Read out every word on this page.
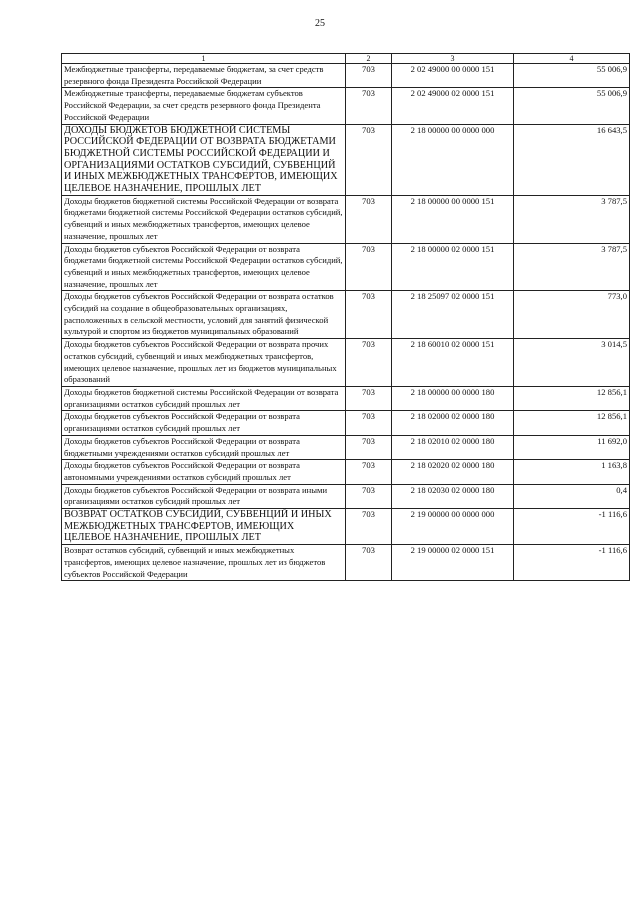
25
1	2	3	4
Межбюджетные трансферты, передаваемые бюджетам, за счет средств резервного фонда Президента Российской Федерации	703	2 02 49000 00 0000 151	55 006,9
Межбюджетные трансферты, передаваемые бюджетам субъектов Российской Федерации, за счет средств резервного фонда Президента Российской Федерации	703	2 02 49000 02 0000 151	55 006,9
ДОХОДЫ БЮДЖЕТОВ БЮДЖЕТНОЙ СИСТЕМЫ РОССИЙСКОЙ ФЕДЕРАЦИИ ОТ ВОЗВРАТА БЮДЖЕТАМИ БЮДЖЕТНОЙ СИСТЕМЫ РОССИЙСКОЙ ФЕДЕРАЦИИ И ОРГАНИЗАЦИЯМИ ОСТАТКОВ СУБСИДИЙ, СУБВЕНЦИЙ И ИНЫХ МЕЖБЮДЖЕТНЫХ ТРАНСФЕРТОВ, ИМЕЮЩИХ ЦЕЛЕВОЕ НАЗНАЧЕНИЕ, ПРОШЛЫХ ЛЕТ	703	2 18 00000 00 0000 000	16 643,5
Доходы бюджетов бюджетной системы Российской Федерации от возврата бюджетами бюджетной системы Российской Федерации остатков субсидий, субвенций и иных межбюджетных трансфертов, имеющих целевое назначение, прошлых лет	703	2 18 00000 00 0000 151	3 787,5
Доходы бюджетов субъектов Российской Федерации от возврата бюджетами бюджетной системы Российской Федерации остатков субсидий, субвенций и иных межбюджетных трансфертов, имеющих целевое назначение, прошлых лет	703	2 18 00000 02 0000 151	3 787,5
Доходы бюджетов субъектов Российской Федерации от возврата остатков субсидий на создание в общеобразовательных организациях, расположенных в сельской местности, условий для занятий физической культурой и спортом из бюджетов муниципальных образований	703	2 18 25097 02 0000 151	773,0
Доходы бюджетов субъектов Российской Федерации от возврата прочих остатков субсидий, субвенций и иных межбюджетных трансфертов, имеющих целевое назначение, прошлых лет из бюджетов муниципальных образований	703	2 18 60010 02 0000 151	3 014,5
Доходы бюджетов бюджетной системы Российской Федерации от возврата организациями остатков субсидий прошлых лет	703	2 18 00000 00 0000 180	12 856,1
Доходы бюджетов субъектов Российской Федерации от возврата организациями остатков субсидий прошлых лет	703	2 18 02000 02 0000 180	12 856,1
Доходы бюджетов субъектов Российской Федерации от возврата бюджетными учреждениями остатков субсидий прошлых лет	703	2 18 02010 02 0000 180	11 692,0
Доходы бюджетов субъектов Российской Федерации от возврата автономными учреждениями остатков субсидий прошлых лет	703	2 18 02020 02 0000 180	1 163,8
Доходы бюджетов субъектов Российской Федерации от возврата иными организациями остатков субсидий прошлых лет	703	2 18 02030 02 0000 180	0,4
ВОЗВРАТ ОСТАТКОВ СУБСИДИЙ, СУБВЕНЦИЙ И ИНЫХ МЕЖБЮДЖЕТНЫХ ТРАНСФЕРТОВ, ИМЕЮЩИХ ЦЕЛЕВОЕ НАЗНАЧЕНИЕ, ПРОШЛЫХ ЛЕТ	703	2 19 00000 00 0000 000	-1 116,6
Возврат остатков субсидий, субвенций и иных межбюджетных трансфертов, имеющих целевое назначение, прошлых лет из бюджетов субъектов Российской Федерации	703	2 19 00000 02 0000 151	-1 116,6
